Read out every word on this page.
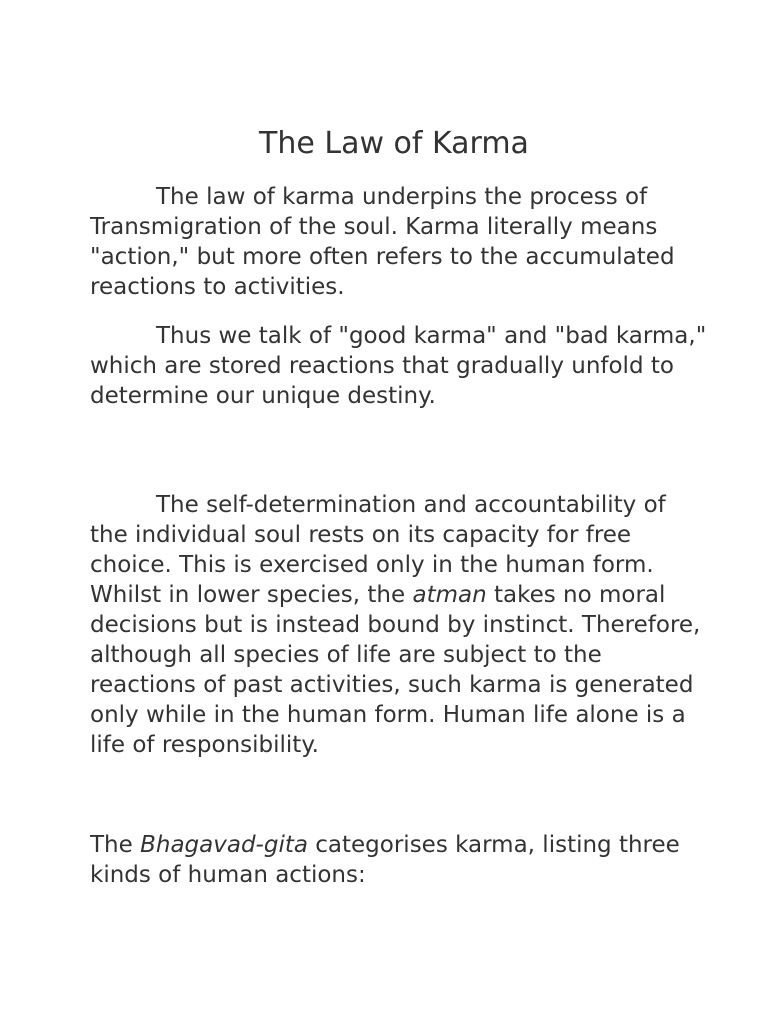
The Law of Karma

The law of karma underpins the process of Transmigration of the soul. Karma literally means "action," but more often refers to the accumulated reactions to activities.

Thus we talk of "good karma" and "bad karma," which are stored reactions that gradually unfold to determine our unique destiny.

The self-determination and accountability of the individual soul rests on its capacity for free choice. This is exercised only in the human form. Whilst in lower species, the atman takes no moral decisions but is instead bound by instinct. Therefore, although all species of life are subject to the reactions of past activities, such karma is generated only while in the human form. Human life alone is a life of responsibility.

The Bhagavad-gita categorises karma, listing three kinds of human actions:
